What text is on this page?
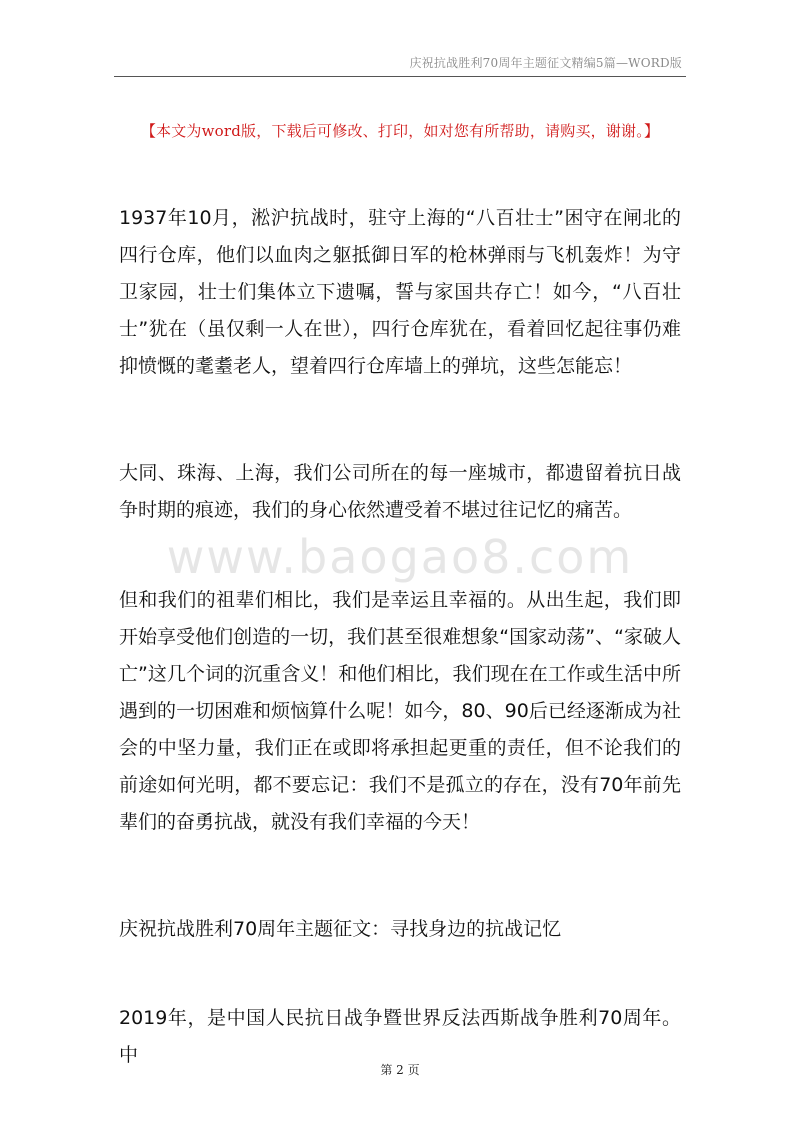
庆祝抗战胜利70周年主题征文精编5篇—WORD版
【本文为word版，下载后可修改、打印，如对您有所帮助，请购买，谢谢。】
www.baogao8.com

1937年10月，淞沪抗战时，驻守上海的“八百壮士”困守在闸北的四行仓库，他们以血肉之躯抵御日军的枪林弹雨与飞机轰炸！为守卫家园，壮士们集体立下遗嘱，誓与家国共存亡！如今，“八百壮士”犹在（虽仅剩一人在世），四行仓库犹在，看着回忆起往事仍难抑愤慨的耄耋老人，望着四行仓库墙上的弹坑，这些怎能忘！

大同、珠海、上海，我们公司所在的每一座城市，都遗留着抗日战争时期的痕迹，我们的身心依然遭受着不堪过往记忆的痛苦。

但和我们的祖辈们相比，我们是幸运且幸福的。从出生起，我们即开始享受他们创造的一切，我们甚至很难想象“国家动荡”、“家破人亡”这几个词的沉重含义！和他们相比，我们现在在工作或生活中所遇到的一切困难和烦恼算什么呢！如今，80、90后已经逐渐成为社会的中坚力量，我们正在或即将承担起更重的责任，但不论我们的前途如何光明，都不要忘记：我们不是孤立的存在，没有70年前先辈们的奋勇抗战，就没有我们幸福的今天！

庆祝抗战胜利70周年主题征文：寻找身边的抗战记忆

2019年，是中国人民抗日战争暨世界反法西斯战争胜利70周年。中

第 2 页
